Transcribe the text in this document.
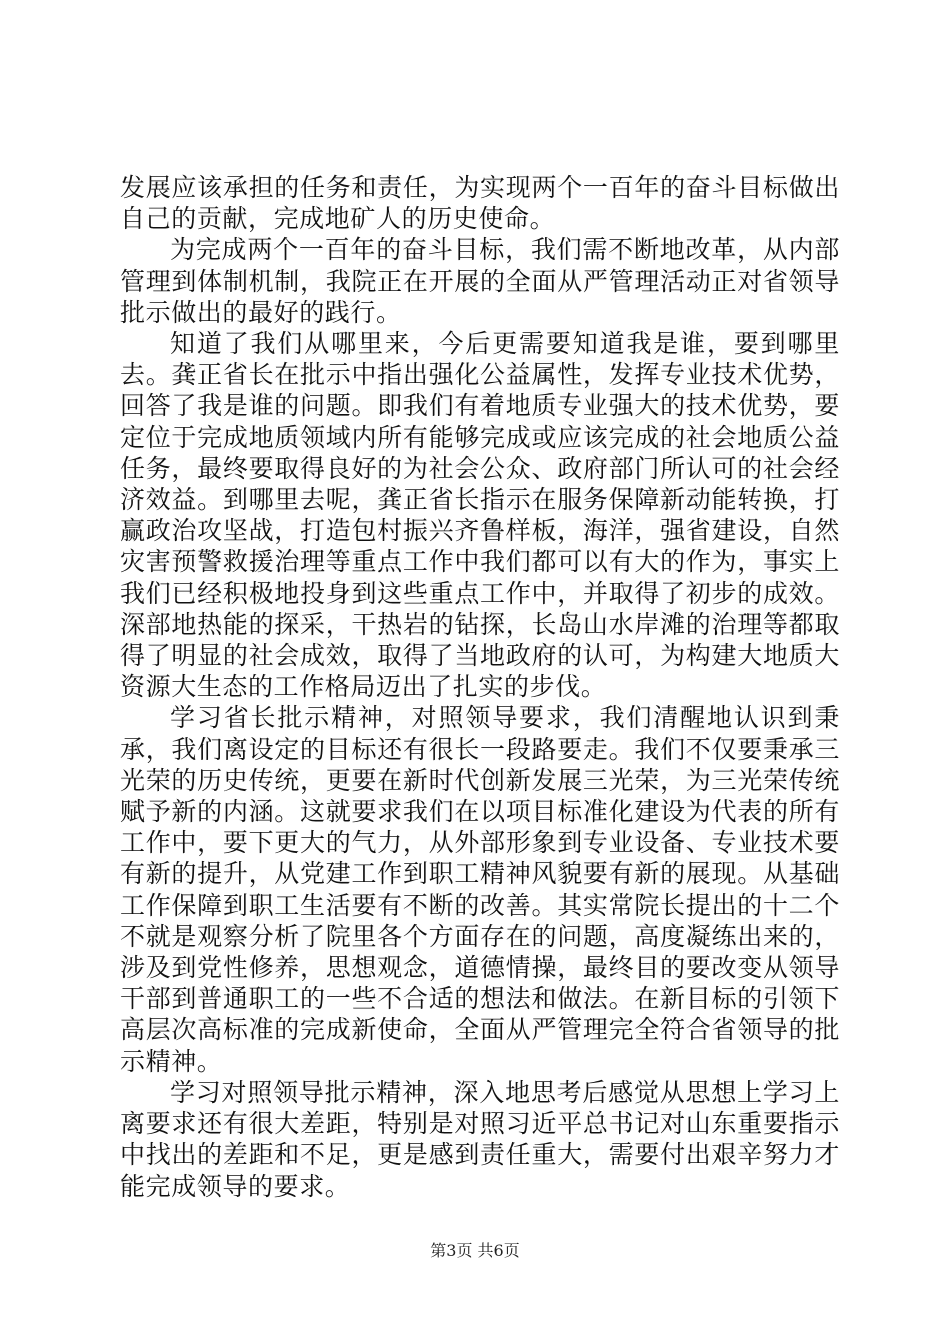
发展应该承担的任务和责任，为实现两个一百年的奋斗目标做出自己的贡献，完成地矿人的历史使命。

为完成两个一百年的奋斗目标，我们需不断地改革，从内部管理到体制机制，我院正在开展的全面从严管理活动正对省领导批示做出的最好的践行。

知道了我们从哪里来，今后更需要知道我是谁，要到哪里去。龚正省长在批示中指出强化公益属性，发挥专业技术优势，回答了我是谁的问题。即我们有着地质专业强大的技术优势，要定位于完成地质领域内所有能够完成或应该完成的社会地质公益任务，最终要取得良好的为社会公众、政府部门所认可的社会经济效益。到哪里去呢，龚正省长指示在服务保障新动能转换，打赢政治攻坚战，打造包村振兴齐鲁样板，海洋，强省建设，自然灾害预警救援治理等重点工作中我们都可以有大的作为，事实上我们已经积极地投身到这些重点工作中，并取得了初步的成效。深部地热能的探采，干热岩的钻探，长岛山水岸滩的治理等都取得了明显的社会成效，取得了当地政府的认可，为构建大地质大资源大生态的工作格局迈出了扎实的步伐。

学习省长批示精神，对照领导要求，我们清醒地认识到秉承，我们离设定的目标还有很长一段路要走。我们不仅要秉承三光荣的历史传统，更要在新时代创新发展三光荣，为三光荣传统赋予新的内涵。这就要求我们在以项目标准化建设为代表的所有工作中，要下更大的气力，从外部形象到专业设备、专业技术要有新的提升，从党建工作到职工精神风貌要有新的展现。从基础工作保障到职工生活要有不断的改善。其实常院长提出的十二个不就是观察分析了院里各个方面存在的问题，高度凝练出来的，涉及到党性修养，思想观念，道德情操，最终目的要改变从领导干部到普通职工的一些不合适的想法和做法。在新目标的引领下高层次高标准的完成新使命，全面从严管理完全符合省领导的批示精神。

学习对照领导批示精神，深入地思考后感觉从思想上学习上离要求还有很大差距，特别是对照习近平总书记对山东重要指示中找出的差距和不足，更是感到责任重大，需要付出艰辛努力才能完成领导的要求。

第3页 共6页
